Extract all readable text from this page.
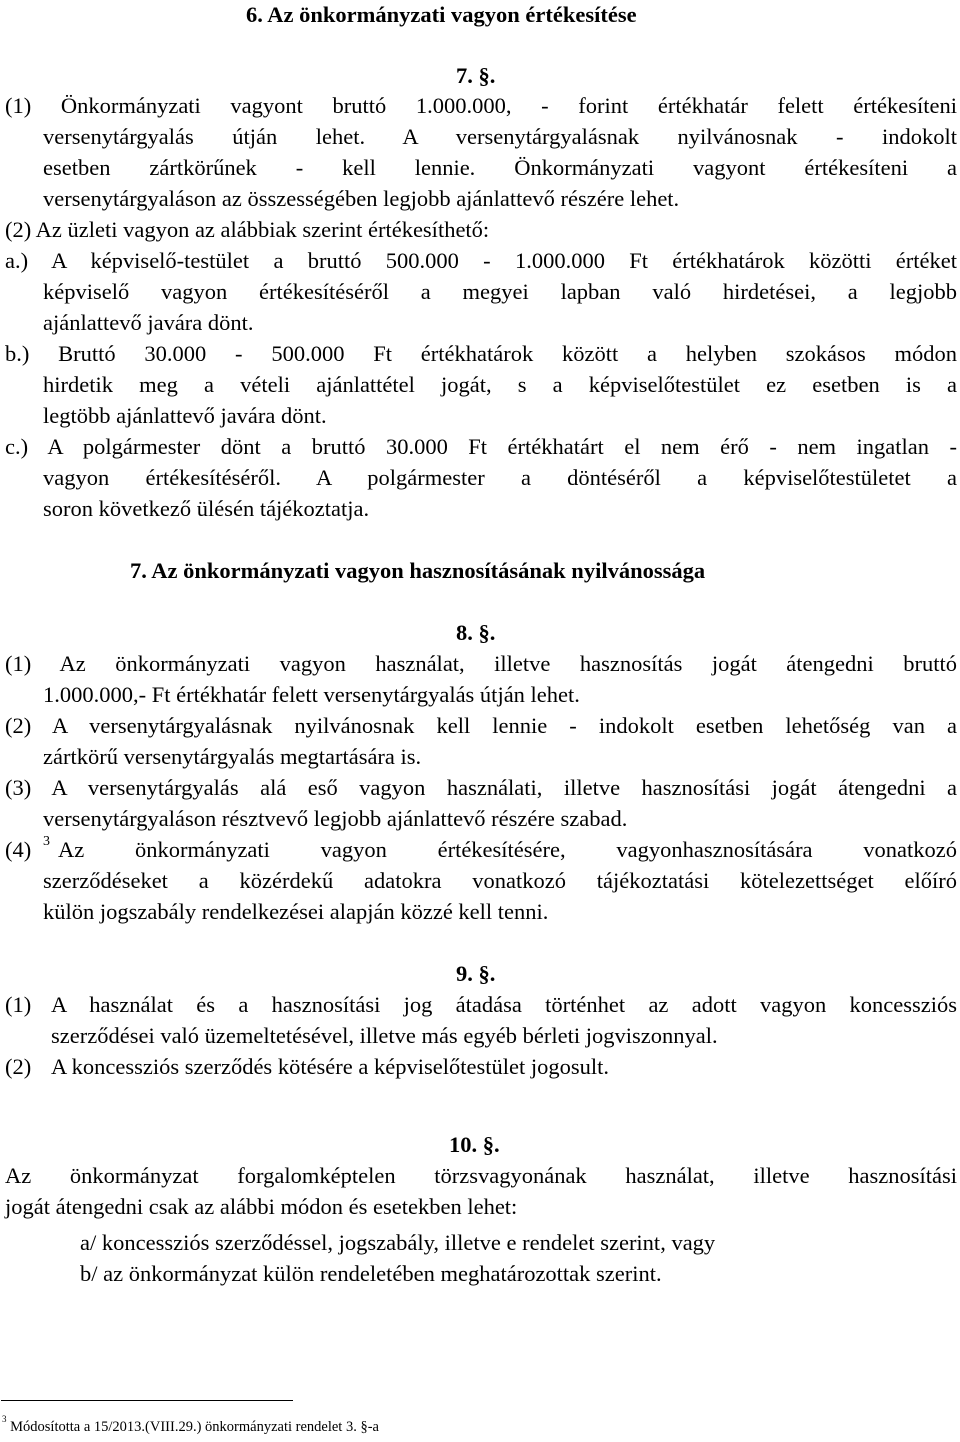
6. Az önkormányzati vagyon értékesítése
7. §.
(1) Önkormányzati vagyont bruttó 1.000.000, - forint értékhatár felett értékesíteni
versenytárgyalás útján lehet. A versenytárgyalásnak nyilvánosnak - indokolt
esetben zártkörűnek - kell lennie. Önkormányzati vagyont értékesíteni a
versenytárgyaláson az összességében legjobb ajánlattevő részére lehet.
(2) Az üzleti vagyon az alábbiak szerint értékesíthető:
a.) A képviselő-testület a bruttó 500.000 - 1.000.000 Ft értékhatárok közötti értéket
képviselő vagyon értékesítéséről a megyei lapban való hirdetései, a legjobb
ajánlattevő javára dönt.
b.) Bruttó 30.000 - 500.000 Ft értékhatárok között a helyben szokásos módon
hirdetik meg a vételi ajánlattétel jogát, s a képviselőtestület ez esetben is a
legtöbb ajánlattevő javára dönt.
c.) A polgármester dönt a bruttó 30.000 Ft értékhatárt el nem érő - nem ingatlan -
vagyon értékesítéséről. A polgármester a döntéséről a képviselőtestületet a
soron következő ülésén tájékoztatja.
7. Az önkormányzati vagyon hasznosításának nyilvánossága
8. §.
(1) Az önkormányzati vagyon használat, illetve hasznosítás jogát átengedni bruttó
1.000.000,- Ft értékhatár felett versenytárgyalás útján lehet.
(2) A versenytárgyalásnak nyilvánosnak kell lennie - indokolt esetben lehetőség van a
zártkörű versenytárgyalás megtartására is.
(3) A versenytárgyalás alá eső vagyon használati, illetve hasznosítási jogát átengedni a
versenytárgyaláson résztvevő legjobb ajánlattevő részére szabad.
(4) $^3$ Az önkormányzati vagyon értékesítésére, vagyonhasznosítására vonatkozó
szerződéseket a közérdekű adatokra vonatkozó tájékoztatási kötelezettséget előíró
külön jogszabály rendelkezései alapján közzé kell tenni.
9. §.
(1) A használat és a hasznosítási jog átadása történhet az adott vagyon koncessziós
szerződései való üzemeltetésével, illetve más egyéb bérleti jogviszonnyal.
(2) A koncessziós szerződés kötésére a képviselőtestület jogosult.
10. §.
Az önkormányzat forgalomképtelen törzsvagyonának használat, illetve hasznosítási
jogát átengedni csak az alábbi módon és esetekben lehet:
a/ koncessziós szerződéssel, jogszabály, illetve e rendelet szerint, vagy
b/ az önkormányzat külön rendeletében meghatározottak szerint.
$^3$ Módosította a 15/2013.(VIII.29.) önkormányzati rendelet 3. §-a
